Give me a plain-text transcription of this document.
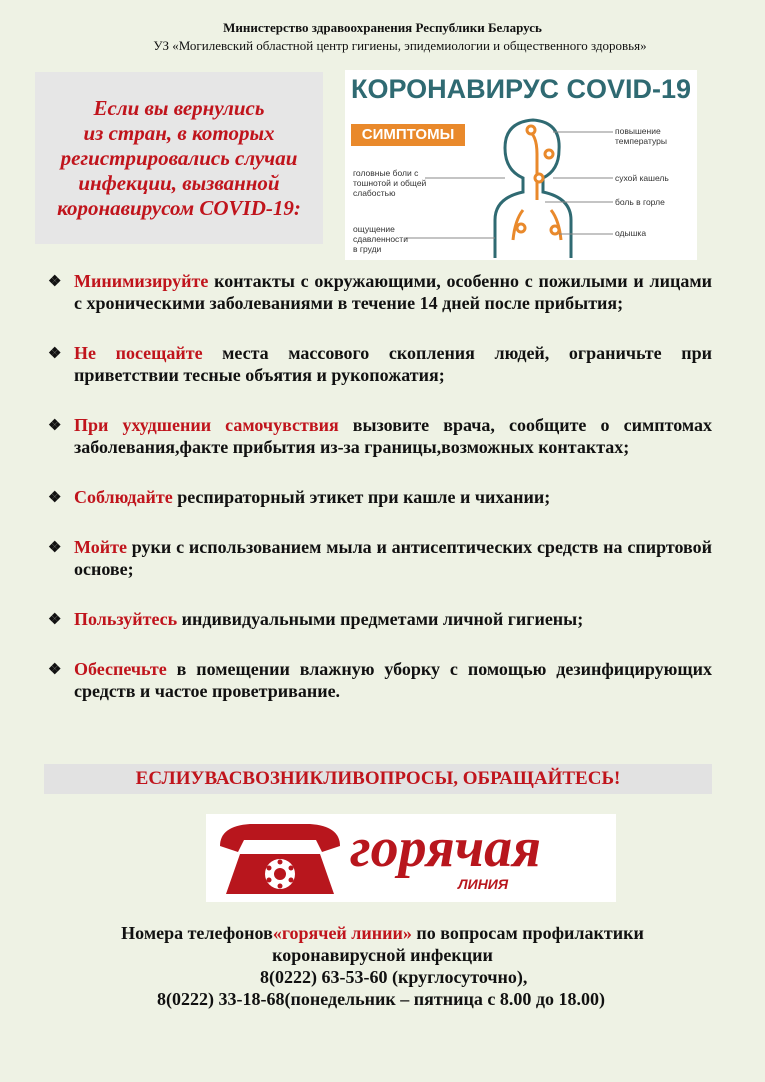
Министерство здравоохранения Республики Беларусь
УЗ «Могилевский областной центр гигиены, эпидемиологии и общественного здоровья»
Если вы вернулись
из стран, в которых
регистрировались случаи
инфекции, вызванной
коронавирусом COVID-19:
КОРОНАВИРУС COVID-19
СИМПТОМЫ
головные боли с
тошнотой и общей
слабостью
ощущение
сдавленности
в груди
повышение
температуры
сухой кашель
боль в горле
одышка
❖ Минимизируйте контакты с окружающими, особенно с пожилыми и лицами с хроническими заболеваниями в течение 14 дней после прибытия;
❖ Не посещайте места массового скопления людей, ограничьте при приветствии тесные объятия и рукопожатия;
❖ При ухудшении самочувствия вызовите врача, сообщите о симптомах заболевания,факте прибытия из-за границы,возможных контактах;
❖ Соблюдайте респираторный этикет при кашле и чихании;
❖ Мойте руки с использованием мыла и антисептических средств на спиртовой основе;
❖ Пользуйтесь индивидуальными предметами личной гигиены;
❖ Обеспечьте в помещении влажную уборку с помощью дезинфицирующих средств и частое проветривание.
ЕСЛИУВАСВОЗНИКЛИВОПРОСЫ, ОБРАЩАЙТЕСЬ!
горячая
ЛИНИЯ
Номера телефонов«горячей линии» по вопросам профилактики
коронавирусной инфекции
8(0222) 63-53-60 (круглосуточно),
8(0222) 33-18-68(понедельник – пятница с 8.00 до 18.00)
